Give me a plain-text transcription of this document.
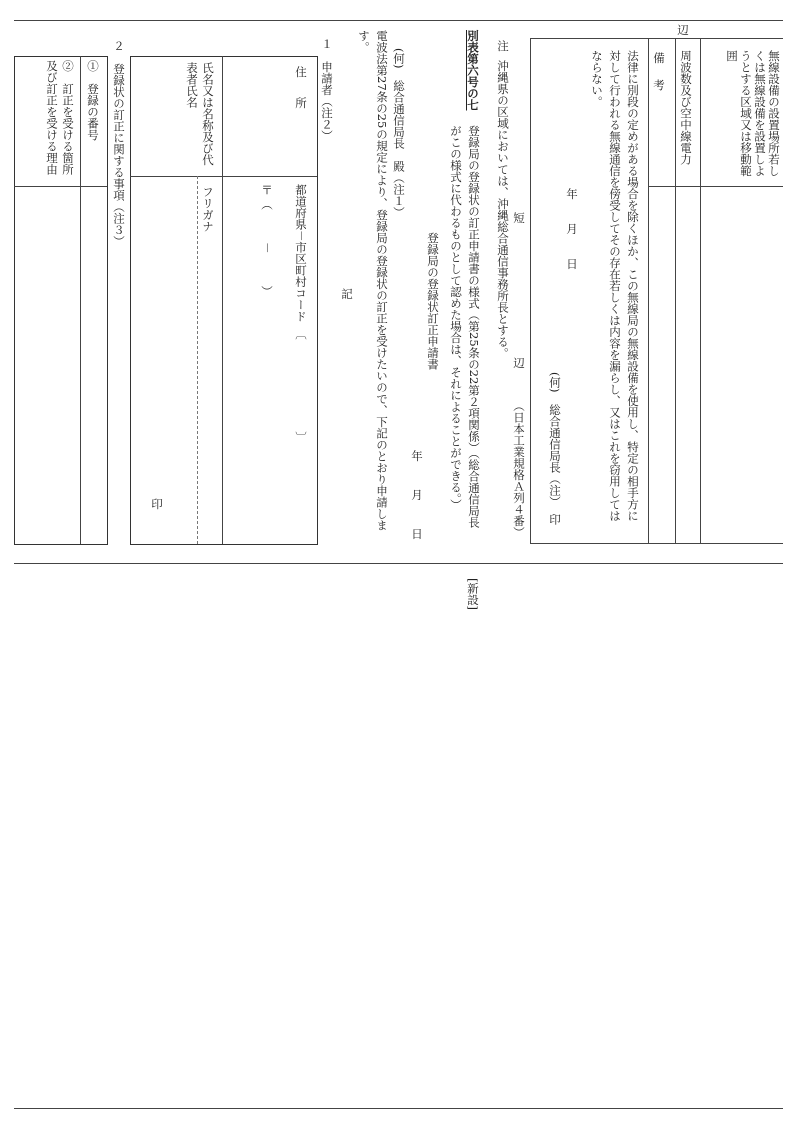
辺
無線設備の設置場所若しくは無線設備を設置しようとする区域又は移動範囲
周波数及び空中線電力
備　考
法律に別段の定めがある場合を除くほか、この無線局の無線設備を使用し、特定の相手方に対して行われる無線通信を傍受してその存在若しくは内容を漏らし、又はこれを窃用してはならない。
年　月　日
(何)　総合通信局長（注）　印
短
辺
（日本工業規格Ａ列４番）
注
沖縄県の区域においては、沖縄総合通信事務所長とする。
別表第六号の七
登録局の登録状の訂正申請書の様式（第25条の22第２項関係）（総合通信局長がこの様式に代わるものとして認めた場合は、それによることができる。）
[新設]
登録局の登録状訂正申請書
年　月　日
(何)　総合通信局長　殿（注１）
電波法第27条の25の規定により、登録局の登録状の訂正を受けたいので、下記のとおり申請します。
記
１　申請者（注２）
住　所
都道府県－市区町村コード　〔　　　　　　　　〕
〒（　　－　　）
氏名又は名称及び代表者氏名
フリガナ
印
２　登録状の訂正に関する事項（注３）
①　登録の番号
②　訂正を受ける箇所及び訂正を受ける理由
